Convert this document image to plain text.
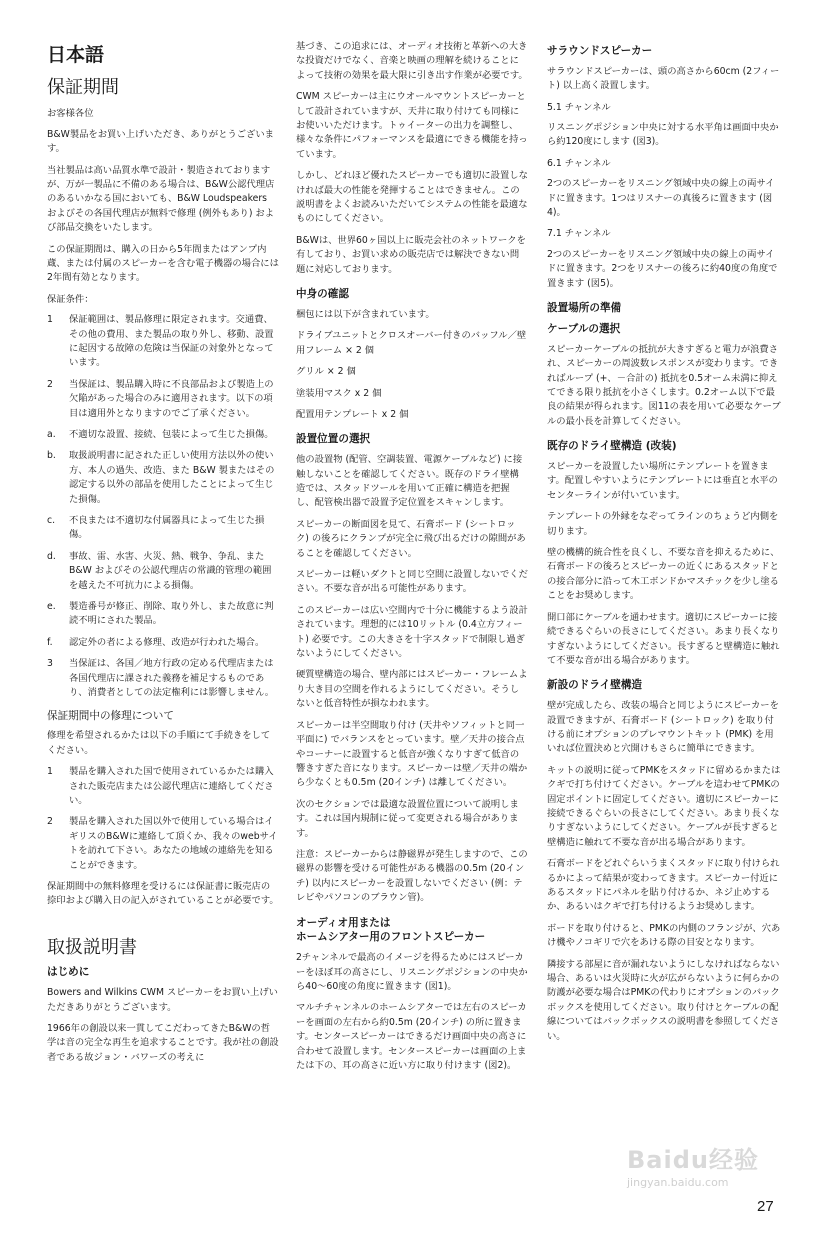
日本語
保証期間

お客様各位

B&W製品をお買い上げいただき、ありがとうございます。

当社製品は高い品質水準で設計・製造されておりますが、万が一製品に不備のある場合は、B&W公認代理店のあるいかなる国においても、B&W Loudspeakers およびその各国代理店が無料で修理 (例外もあり) および部品交換をいたします。

この保証期間は、購入の日から5年間またはアンプ内蔵、または付属のスピーカーを含む電子機器の場合には2年間有効となります。

保証条件：

1	保証範囲は、製品修理に限定されます。交通費、その他の費用、また製品の取り外し、移動、設置に起因する故障の危険は当保証の対象外となっています。
2	当保証は、製品購入時に不良部品および製造上の欠陥があった場合のみに適用されます。以下の項目は適用外となりますのでご了承ください。
a.	不適切な設置、接続、包装によって生じた損傷。
b.	取扱説明書に記された正しい使用方法以外の使い方、本人の過失、改造、また B&W 製またはその認定する以外の部品を使用したことによって生じた損傷。
c.	不良または不適切な付属器具によって生じた損傷。
d.	事故、雷、水害、火災、熱、戦争、争乱、また B&W およびその公認代理店の常識的管理の範囲を越えた不可抗力による損傷。
e.	製造番号が修正、削除、取り外し、また故意に判読不明にされた製品。
f.	認定外の者による修理、改造が行われた場合。
3	当保証は、各国／地方行政の定める代理店または各国代理店に課された義務を補足するものであり、消費者としての法定権利には影響しません。
保証期間中の修理について

修理を希望されるかたは以下の手順にて手続きをしてください。

1	製品を購入された国で使用されているかたは購入された販売店または公認代理店に連絡してください。
2	製品を購入された国以外で使用している場合はイギリスのB&Wに連絡して頂くか、我々のwebサイトを訪れて下さい。あなたの地域の連絡先を知ることができます。

保証期間中の無料修理を受けるには保証書に販売店の捺印および購入日の記入がされていることが必要です。

取扱説明書
はじめに

Bowers and Wilkins CWM スピーカーをお買い上げいただきありがとうございます。

1966年の創設以来一貫してこだわってきたB&Wの哲学は音の完全な再生を追求することです。我が社の創設者である故ジョン・バワーズの考えに

基づき、この追求には、オーディオ技術と革新への大きな投資だけでなく、音楽と映画の理解を続けることによって技術の効果を最大限に引き出す作業が必要です。

CWM スピーカーは主にウオールマウントスピーカーとして設計されていますが、天井に取り付けても同様にお使いいただけます。トゥイーターの出力を調整し、様々な条件にパフォーマンスを最適にできる機能を持っています。

しかし、どれほど優れたスピーカーでも適切に設置しなければ最大の性能を発揮することはできません。この説明書をよくお読みいただいてシステムの性能を最適なものにしてください。

B&Wは、世界60ヶ国以上に販売会社のネットワークを有しており、お買い求めの販売店では解決できない問題に対応しております。

中身の確認

梱包には以下が含まれています。

ドライブユニットとクロスオーバー付きのバッフル／壁用フレーム × 2 個

グリル × 2 個

塗装用マスク x 2 個

配置用テンプレート x 2 個

設置位置の選択

他の設置物 (配管、空調装置、電源ケーブルなど) に接触しないことを確認してください。既存のドライ壁構造では、スタッドツールを用いて正確に構造を把握し、配管検出器で設置予定位置をスキャンします。

スピーカーの断面図を見て、石膏ボード (シートロック) の後ろにクランプが完全に飛び出るだけの隙間があることを確認してください。

スピーカーは軽いダクトと同じ空間に設置しないでください。不要な音が出る可能性があります。

このスピーカーは広い空間内で十分に機能するよう設計されています。理想的には10リットル (0.4立方フィート) 必要です。この大きさを十字スタッドで制限し過ぎないようにしてください。

硬質壁構造の場合、壁内部にはスピーカー・フレームより大き目の空間を作れるようにしてください。そうしないと低音特性が損なわれます。

スピーカーは半空間取り付け (天井やソフィットと同一平面に) でバランスをとっています。壁／天井の接合点やコーナーに設置すると低音が強くなりすぎて低音の響きすぎた音になります。スピーカーは壁／天井の端から少なくとも0.5m (20インチ) は離してください。

次のセクションでは最適な設置位置について説明します。これは国内規制に従って変更される場合があります。

注意：スピーカーからは静磁界が発生しますので、この磁界の影響を受ける可能性がある機器の0.5m (20インチ) 以内にスピーカーを設置しないでください (例：テレビやパソコンのブラウン管)。

オーディオ用または
ホームシアター用のフロントスピーカー

2チャンネルで最高のイメージを得るためにはスピーカーをほぼ耳の高さにし、リスニングポジションの中央から40～60度の角度に置きます (図1)。

マルチチャンネルのホームシアターでは左右のスピーカーを画面の左右から約0.5m (20インチ) の所に置きます。センタースピーカーはできるだけ画面中央の高さに合わせて設置します。センタースピーカーは画面の上または下の、耳の高さに近い方に取り付けます (図2)。

サラウンドスピーカー

サラウンドスピーカーは、頭の高さから60cm (2フィート) 以上高く設置します。

5.1 チャンネル

リスニングポジション中央に対する水平角は画面中央から約120度にします (図3)。

6.1 チャンネル

2つのスピーカーをリスニング領域中央の線上の両サイドに置きます。1つはリスナーの真後ろに置きます (図4)。

7.1 チャンネル

2つのスピーカーをリスニング領域中央の線上の両サイドに置きます。2つをリスナーの後ろに約40度の角度で置きます (図5)。

設置場所の準備
ケーブルの選択

スピーカーケーブルの抵抗が大きすぎると電力が浪費され、スピーカーの周波数レスポンスが変わります。できればループ (+、－合計の) 抵抗を0.5オーム未満に抑えてできる限り抵抗を小さくします。0.2オーム以下で最良の結果が得られます。図11の表を用いて必要なケーブルの最小長を計算してください。

既存のドライ壁構造 (改装)

スピーカーを設置したい場所にテンプレートを置きます。配置しやすいようにテンプレートには垂直と水平のセンターラインが付いています。

テンプレートの外縁をなぞってラインのちょうど内側を切ります。

壁の機構的統合性を良くし、不要な音を抑えるために、石膏ボードの後ろとスピーカーの近くにあるスタッドとの接合部分に沿って木工ボンドかマスチックを少し塗ることをお奨めします。

開口部にケーブルを通わせます。適切にスピーカーに接続できるぐらいの長さにしてください。あまり長くなりすぎないようにしてください。長すぎると壁構造に触れて不要な音が出る場合があります。

新設のドライ壁構造

壁が完成したら、改装の場合と同じようにスピーカーを設置できますが、石膏ボード (シートロック) を取り付ける前にオプションのプレマウントキット (PMK) を用いれば位置決めと穴開けもさらに簡単にできます。

キットの説明に従ってPMKをスタッドに留めるかまたはクギで打ち付けてください。ケーブルを這わせてPMKの固定ポイントに固定してください。適切にスピーカーに接続できるぐらいの長さにしてください。あまり長くなりすぎないようにしてください。ケーブルが長すぎると壁構造に触れて不要な音が出る場合があります。

石膏ボードをどれぐらいうまくスタッドに取り付けられるかによって結果が変わってきます。スピーカー付近にあるスタッドにパネルを貼り付けるか、ネジ止めするか、あるいはクギで打ち付けるようお奨めします。

ボードを取り付けると、PMKの内側のフランジが、穴あけ機やノコギリで穴をあける際の目安となります。

隣接する部屋に音が漏れないようにしなければならない場合、あるいは火災時に火が広がらないように何らかの防護が必要な場合はPMKの代わりにオプションのバックボックスを使用してください。取り付けとケーブルの配線についてはバックボックスの説明書を参照してください。

Baidu经验
jingyan.baidu.com
27
